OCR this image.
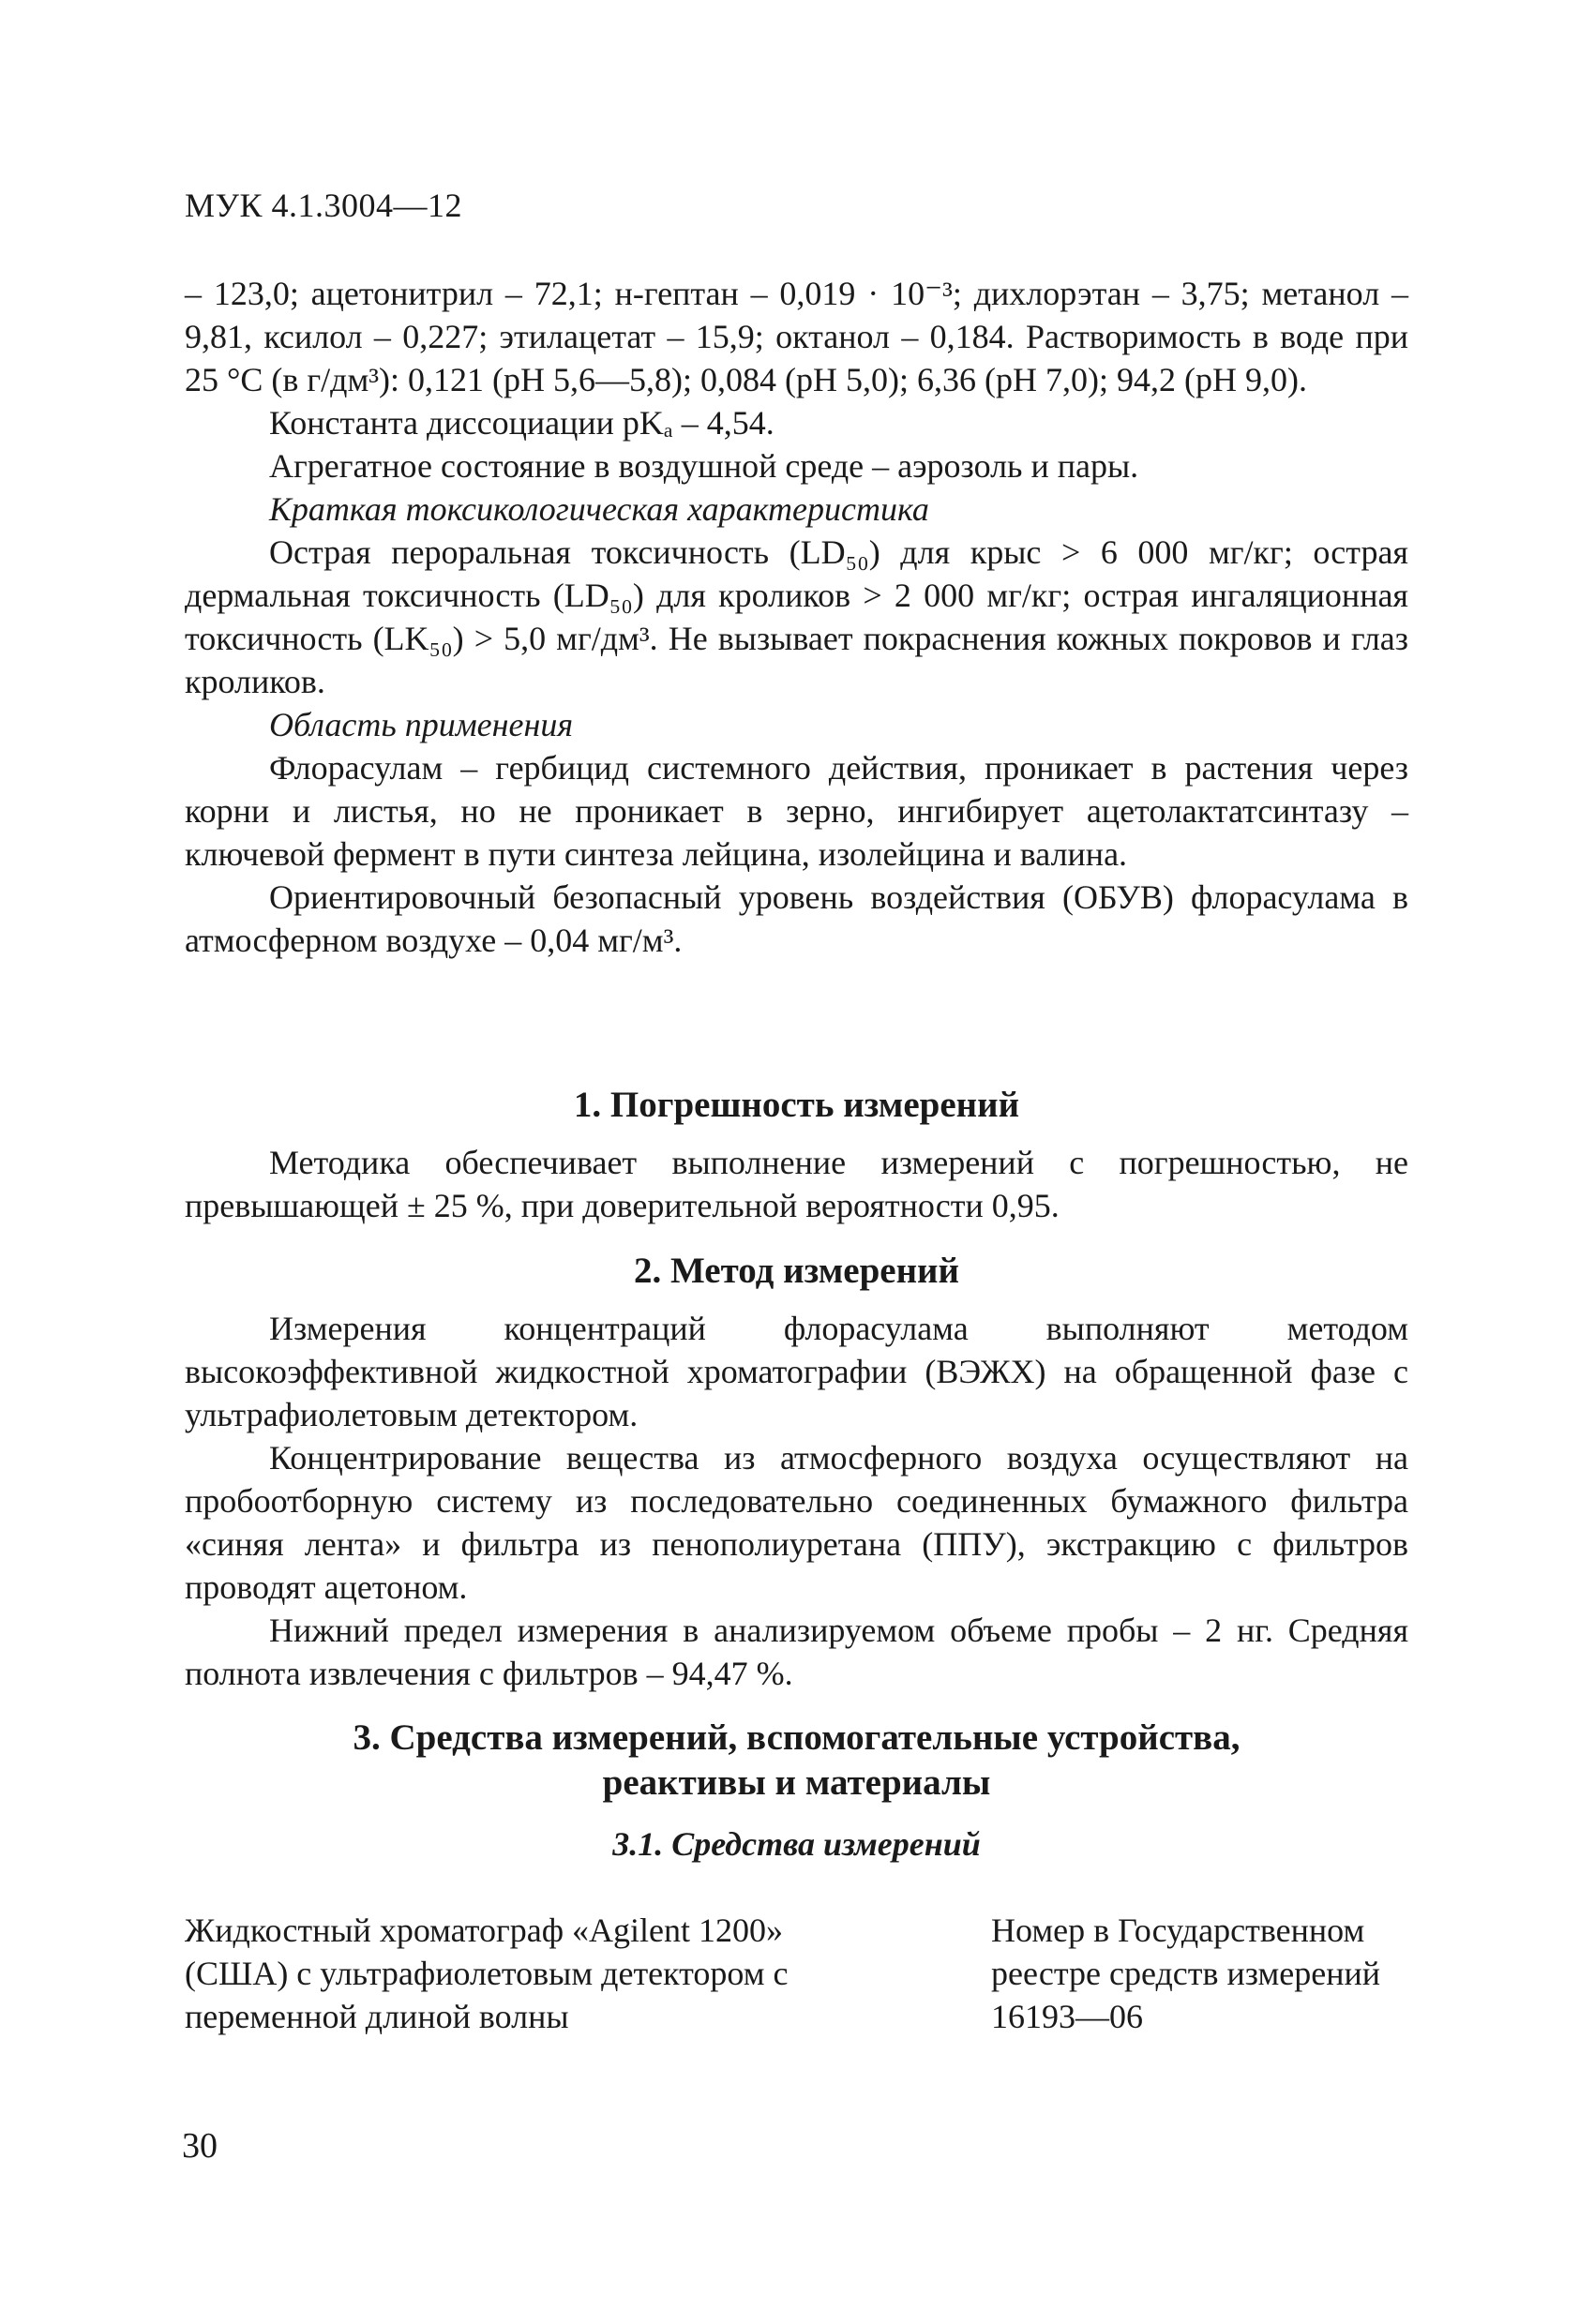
МУК 4.1.3004—12

– 123,0; ацетонитрил – 72,1; н-гептан – 0,019 · 10⁻³; дихлорэтан – 3,75; метанол – 9,81, ксилол – 0,227; этилацетат – 15,9; октанол – 0,184. Растворимость в воде при 25 °С (в г/дм³): 0,121 (рН 5,6—5,8); 0,084 (рН 5,0); 6,36 (рН 7,0); 94,2 (рН 9,0).

Константа диссоциации pKₐ – 4,54.

Агрегатное состояние в воздушной среде – аэрозоль и пары.

Краткая токсикологическая характеристика

Острая пероральная токсичность (LD₅₀) для крыс > 6 000 мг/кг; острая дермальная токсичность (LD₅₀) для кроликов > 2 000 мг/кг; острая ингаляционная токсичность (LK₅₀) > 5,0 мг/дм³. Не вызывает покраснения кожных покровов и глаз кроликов.

Область применения

Флорасулам – гербицид системного действия, проникает в растения через корни и листья, но не проникает в зерно, ингибирует ацетолактатсинтазу – ключевой фермент в пути синтеза лейцина, изолейцина и валина.

Ориентировочный безопасный уровень воздействия (ОБУВ) флорасулама в атмосферном воздухе – 0,04 мг/м³.

1. Погрешность измерений

Методика обеспечивает выполнение измерений с погрешностью, не превышающей ± 25 %, при доверительной вероятности 0,95.

2. Метод измерений

Измерения концентраций флорасулама выполняют методом высокоэффективной жидкостной хроматографии (ВЭЖХ) на обращенной фазе с ультрафиолетовым детектором.

Концентрирование вещества из атмосферного воздуха осуществляют на пробоотборную систему из последовательно соединенных бумажного фильтра «синяя лента» и фильтра из пенополиуретана (ППУ), экстракцию с фильтров проводят ацетоном.

Нижний предел измерения в анализируемом объеме пробы – 2 нг. Средняя полнота извлечения с фильтров – 94,47 %.

3. Средства измерений, вспомогательные устройства,
реактивы и материалы
3.1. Средства измерений
Жидкостный хроматограф «Agilent 1200»
(США) с ультрафиолетовым детектором с
переменной длиной волны
Номер в Государственном
реестре средств измерений
16193—06
30
